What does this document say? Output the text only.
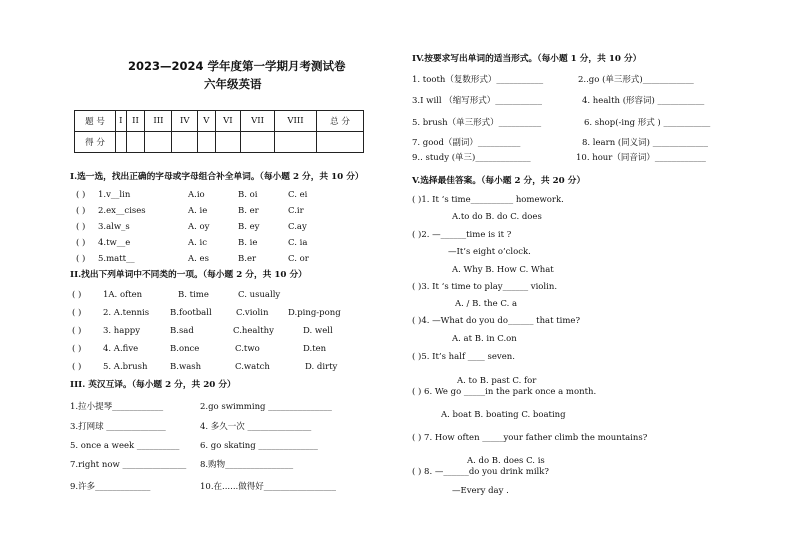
2023—2024 学年度第一学期月考测试卷
六年级英语
题 号	I	II	III	IV	V	VI	VII	VIII	总 分
得 分									
I.选一选，找出正确的字母或字母组合补全单词。（每小题 2 分，共 10 分）
( ) 1.v__lin	A.io	B. oi	C. ei
( ) 2.ex__cises	A. ie	B. er	C.ir
( ) 3.alw_s	A. oy	B. ey	C.ay
( ) 4.tw__e	A. ic	B. ie	C. ia
( ) 5.matt__	A. es	B.er	C. or
II.找出下列单词中不同类的一项。（每小题 2 分，共 10 分）
( )	1A. often	B. time	C. usually
( )	2. A.tennis B.football	C.violin D.ping-pong
( )	3. happy	B.sad	C.healthy	D. well
( )	4. A.five	B.once	C.two	D.ten
( )	5. A.brush	B.wash	C.watch	D. dirty
III. 英汉互译。（每小题 2 分，共 20 分）
1.拉小提琴____________	2.go swimming _______________
3.打网球 ______________	4. 多久一次 _______________
5. once a week __________ 6. go skating ______________
7.right now _______________ 8.购物________________
9.许多_____________	10.在......做得好_________________
IV.按要求写出单词的适当形式。（每小题 1 分，共 10 分）
1. tooth（复数形式）___________	2..go (单三形式)____________
3.I will （缩写形式）___________	4. health (形容词) ___________
5. brush（单三形式）__________	6. shop(-ing 形式 ) ___________
7. good（副词）__________	8. learn (同义词) _____________
9.. study (单三)_____________	10. hour（同音词）____________
V.选择最佳答案。（每小题 2 分，共 20 分）
( )1. It ‘s time__________ homework.
A.to do B. do C. does
( )2. —______time is it ?
—It’s eight o’clock.
A. Why B. How C. What
( )3. It ‘s time to play______ violin.
A. / B. the C. a
( )4. —What do you do______ that time?
A. at B. in C.on
( )5. It’s half ____ seven.
A. to B. past C. for
( ) 6. We go _____in the park once a month.
A. boat B. boating C. boating
( ) 7. How often _____your father climb the mountains?
A. do B. does C. is
( ) 8. —______do you drink milk?
—Every day .
